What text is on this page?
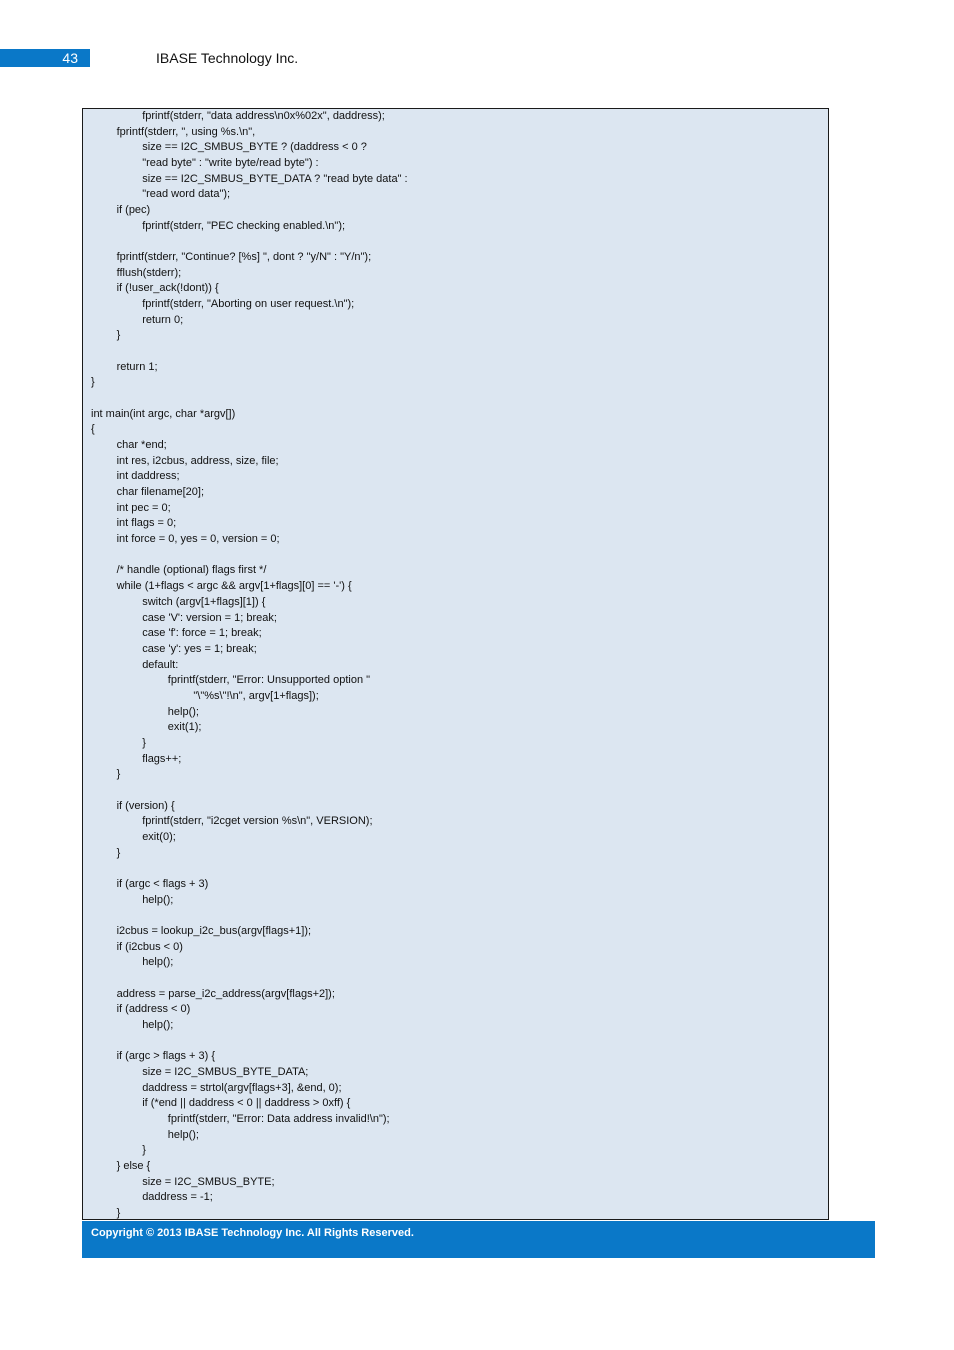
43	IBASE Technology Inc.
fprintf(stderr, "data address\n0x%02x", daddress);
fprintf(stderr, ", using %s.\n",
size == I2C_SMBUS_BYTE ? (daddress < 0 ?
"read byte" : "write byte/read byte") :
size == I2C_SMBUS_BYTE_DATA ? "read byte data" :
"read word data");
if (pec)
fprintf(stderr, "PEC checking enabled.\n");
fprintf(stderr, "Continue? [%s] ", dont ? "y/N" : "Y/n");
fflush(stderr);
if (!user_ack(!dont)) {
fprintf(stderr, "Aborting on user request.\n");
return 0;
}
return 1;
}
int main(int argc, char *argv[])
{
char *end;
int res, i2cbus, address, size, file;
int daddress;
char filename[20];
int pec = 0;
int flags = 0;
int force = 0, yes = 0, version = 0;
/* handle (optional) flags first */
while (1+flags < argc && argv[1+flags][0] == '-') {
switch (argv[1+flags][1]) {
case 'V': version = 1; break;
case 'f': force = 1; break;
case 'y': yes = 1; break;
default:
fprintf(stderr, "Error: Unsupported option "
"\"%s\"!\n", argv[1+flags]);
help();
exit(1);
}
flags++;
}
if (version) {
fprintf(stderr, "i2cget version %s\n", VERSION);
exit(0);
}
if (argc < flags + 3)
help();
i2cbus = lookup_i2c_bus(argv[flags+1]);
if (i2cbus < 0)
help();
address = parse_i2c_address(argv[flags+2]);
if (address < 0)
help();
if (argc > flags + 3) {
size = I2C_SMBUS_BYTE_DATA;
daddress = strtol(argv[flags+3], &end, 0);
if (*end || daddress < 0 || daddress > 0xff) {
fprintf(stderr, "Error: Data address invalid!\n");
help();
}
} else {
size = I2C_SMBUS_BYTE;
daddress = -1;
}
Copyright © 2013 IBASE Technology Inc. All Rights Reserved.
